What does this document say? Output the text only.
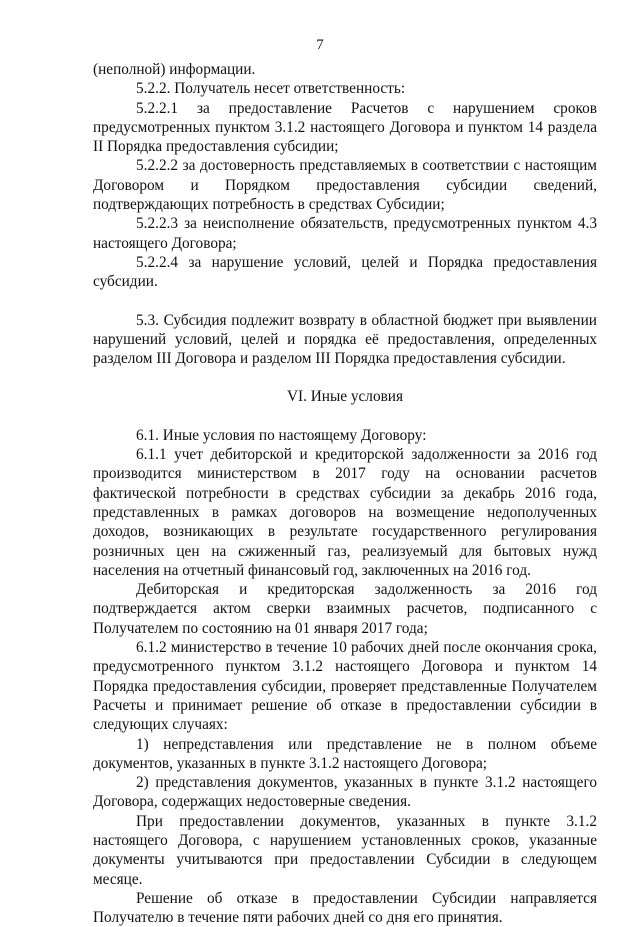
7

(неполной) информации.

5.2.2. Получатель несет ответственность:

5.2.2.1 за предоставление Расчетов с нарушением сроков предусмотренных пунктом 3.1.2 настоящего Договора и пунктом 14 раздела II Порядка предоставления субсидии;

5.2.2.2 за достоверность представляемых в соответствии с настоящим Договором и Порядком предоставления субсидии сведений, подтверждающих потребность в средствах Субсидии;

5.2.2.3 за неисполнение обязательств, предусмотренных пунктом 4.3 настоящего Договора;

5.2.2.4 за нарушение условий, целей и Порядка предоставления субсидии.

5.3. Субсидия подлежит возврату в областной бюджет при выявлении нарушений условий, целей и порядка её предоставления, определенных разделом III Договора и разделом III Порядка предоставления субсидии.

VI. Иные условия

6.1. Иные условия по настоящему Договору:

6.1.1 учет дебиторской и кредиторской задолженности за 2016 год производится министерством в 2017 году на основании расчетов фактической потребности в средствах субсидии за декабрь 2016 года, представленных в рамках договоров на возмещение недополученных доходов, возникающих в результате государственного регулирования розничных цен на сжиженный газ, реализуемый для бытовых нужд населения на отчетный финансовый год, заключенных на 2016 год.

Дебиторская и кредиторская задолженность за 2016 год подтверждается актом сверки взаимных расчетов, подписанного с Получателем по состоянию на 01 января 2017 года;

6.1.2 министерство в течение 10 рабочих дней после окончания срока, предусмотренного пунктом 3.1.2 настоящего Договора и пунктом 14 Порядка предоставления субсидии, проверяет представленные Получателем Расчеты и принимает решение об отказе в предоставлении субсидии в следующих случаях:

1) непредставления или представление не в полном объеме документов, указанных в пункте 3.1.2 настоящего Договора;

2) представления документов, указанных в пункте 3.1.2 настоящего Договора, содержащих недостоверные сведения.

При предоставлении документов, указанных в пункте 3.1.2 настоящего Договора, с нарушением установленных сроков, указанные документы учитываются при предоставлении Субсидии в следующем месяце.

Решение об отказе в предоставлении Субсидии направляется Получателю в течение пяти рабочих дней со дня его принятия.
